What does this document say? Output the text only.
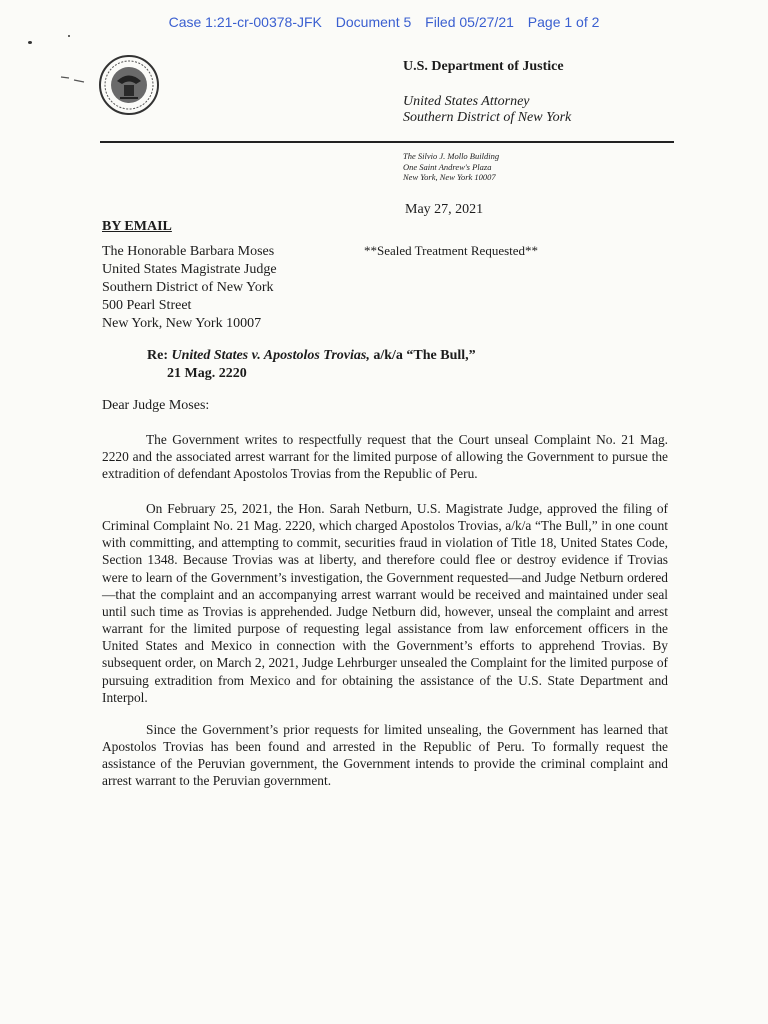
Case 1:21-cr-00378-JFK Document 5 Filed 05/27/21 Page 1 of 2
U.S. Department of Justice
United States Attorney
Southern District of New York
The Silvio J. Mollo Building
One Saint Andrew's Plaza
New York, New York 10007
May 27, 2021
BY EMAIL
**Sealed Treatment Requested**
The Honorable Barbara Moses
United States Magistrate Judge
Southern District of New York
500 Pearl Street
New York, New York 10007
Re: United States v. Apostolos Trovias, a/k/a “The Bull,”
21 Mag. 2220
Dear Judge Moses:
The Government writes to respectfully request that the Court unseal Complaint No. 21 Mag. 2220 and the associated arrest warrant for the limited purpose of allowing the Government to pursue the extradition of defendant Apostolos Trovias from the Republic of Peru.
On February 25, 2021, the Hon. Sarah Netburn, U.S. Magistrate Judge, approved the filing of Criminal Complaint No. 21 Mag. 2220, which charged Apostolos Trovias, a/k/a “The Bull,” in one count with committing, and attempting to commit, securities fraud in violation of Title 18, United States Code, Section 1348. Because Trovias was at liberty, and therefore could flee or destroy evidence if Trovias were to learn of the Government’s investigation, the Government requested—and Judge Netburn ordered—that the complaint and an accompanying arrest warrant would be received and maintained under seal until such time as Trovias is apprehended. Judge Netburn did, however, unseal the complaint and arrest warrant for the limited purpose of requesting legal assistance from law enforcement officers in the United States and Mexico in connection with the Government’s efforts to apprehend Trovias. By subsequent order, on March 2, 2021, Judge Lehrburger unsealed the Complaint for the limited purpose of pursuing extradition from Mexico and for obtaining the assistance of the U.S. State Department and Interpol.
Since the Government’s prior requests for limited unsealing, the Government has learned that Apostolos Trovias has been found and arrested in the Republic of Peru. To formally request the assistance of the Peruvian government, the Government intends to provide the criminal complaint and arrest warrant to the Peruvian government.
